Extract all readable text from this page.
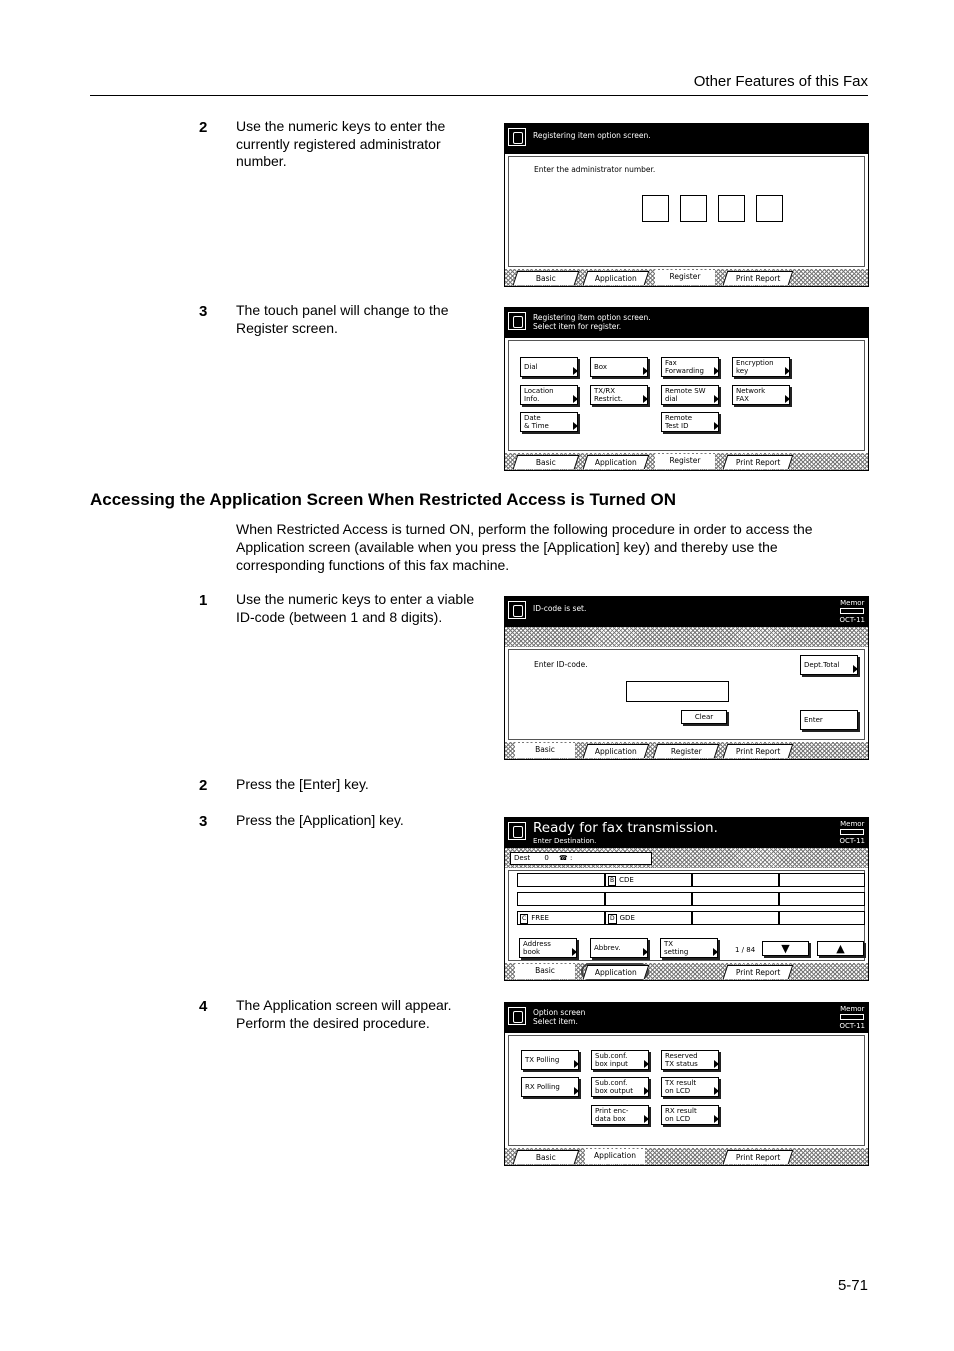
Other Features of this Fax
2 Use the numeric keys to enter the currently registered administrator number.
3 The touch panel will change to the Register screen.
Registering item option screen.
Enter the administrator number.
Basic	Application	Register	Print Report
Registering item option screen.
Select item for register.
Dial	Box	Fax
Forwarding
Encryption
key
Location
Info.
TX/RX
Restrict.
Remote SW
dial
Network
FAX
Date
& Time
Remote
Test ID
Basic	Application	Register	Print Report
Accessing the Application Screen When Restricted Access is Turned ON
When Restricted Access is turned ON, perform the following procedure in order to access the Application screen (available when you press the [Application] key) and thereby use the corresponding functions of this fax machine.
1 Use the numeric keys to enter a viable ID-code (between 1 and 8 digits).	ID-code is set.
Memor
OCT-11
Enter ID-code.
Clear
Dept.Total
Enter
Basic	Application	Register	Print Report
2 Press the [Enter] key.
3 Press the [Application] key.	Ready for fax transmission.
Enter Destination.
Memor
OCT-11
Dest 0 ☎ :
B CDE
C FREE	D GDE
Address
book	Abbrev.	TX
setting	1 / 84	▼	▲
Basic	Application	Print Report
4 The Application screen will appear. Perform the desired procedure.
Option screen
Select item.
Memor
OCT-11
TX Polling	Sub.conf.
box input
Reserved
TX status
RX Polling	Sub.conf.
box output
TX result
on LCD
Print enc-
data box
RX result
on LCD
Basic	Application	Print Report
5-71
